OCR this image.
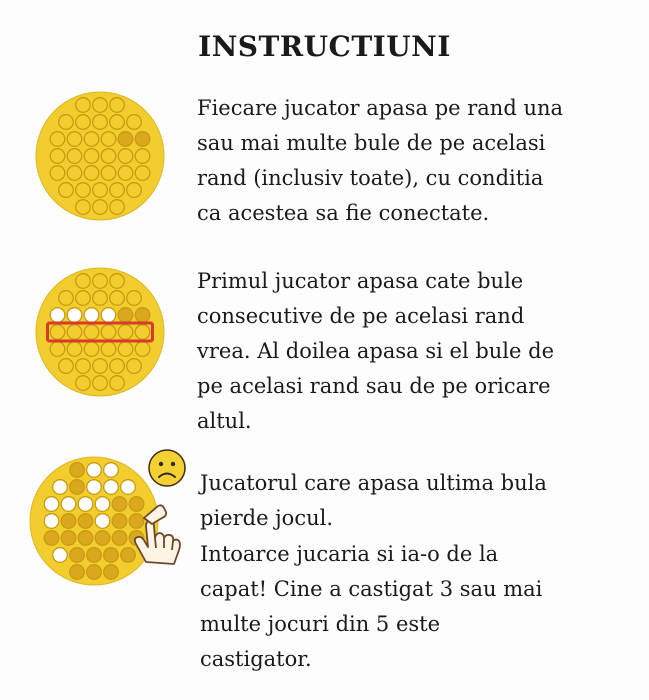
INSTRUCTIUNI
Fiecare jucator apasa pe rand una
sau mai multe bule de pe acelasi
rand (inclusiv toate), cu conditia
ca acestea sa fie conectate.
Primul jucator apasa cate bule
consecutive de pe acelasi rand
vrea. Al doilea apasa si el bule de
pe acelasi rand sau de pe oricare
altul.
Jucatorul care apasa ultima bula
pierde jocul.
Intoarce jucaria si ia-o de la
capat! Cine a castigat 3 sau mai
multe jocuri din 5 este
castigator.
